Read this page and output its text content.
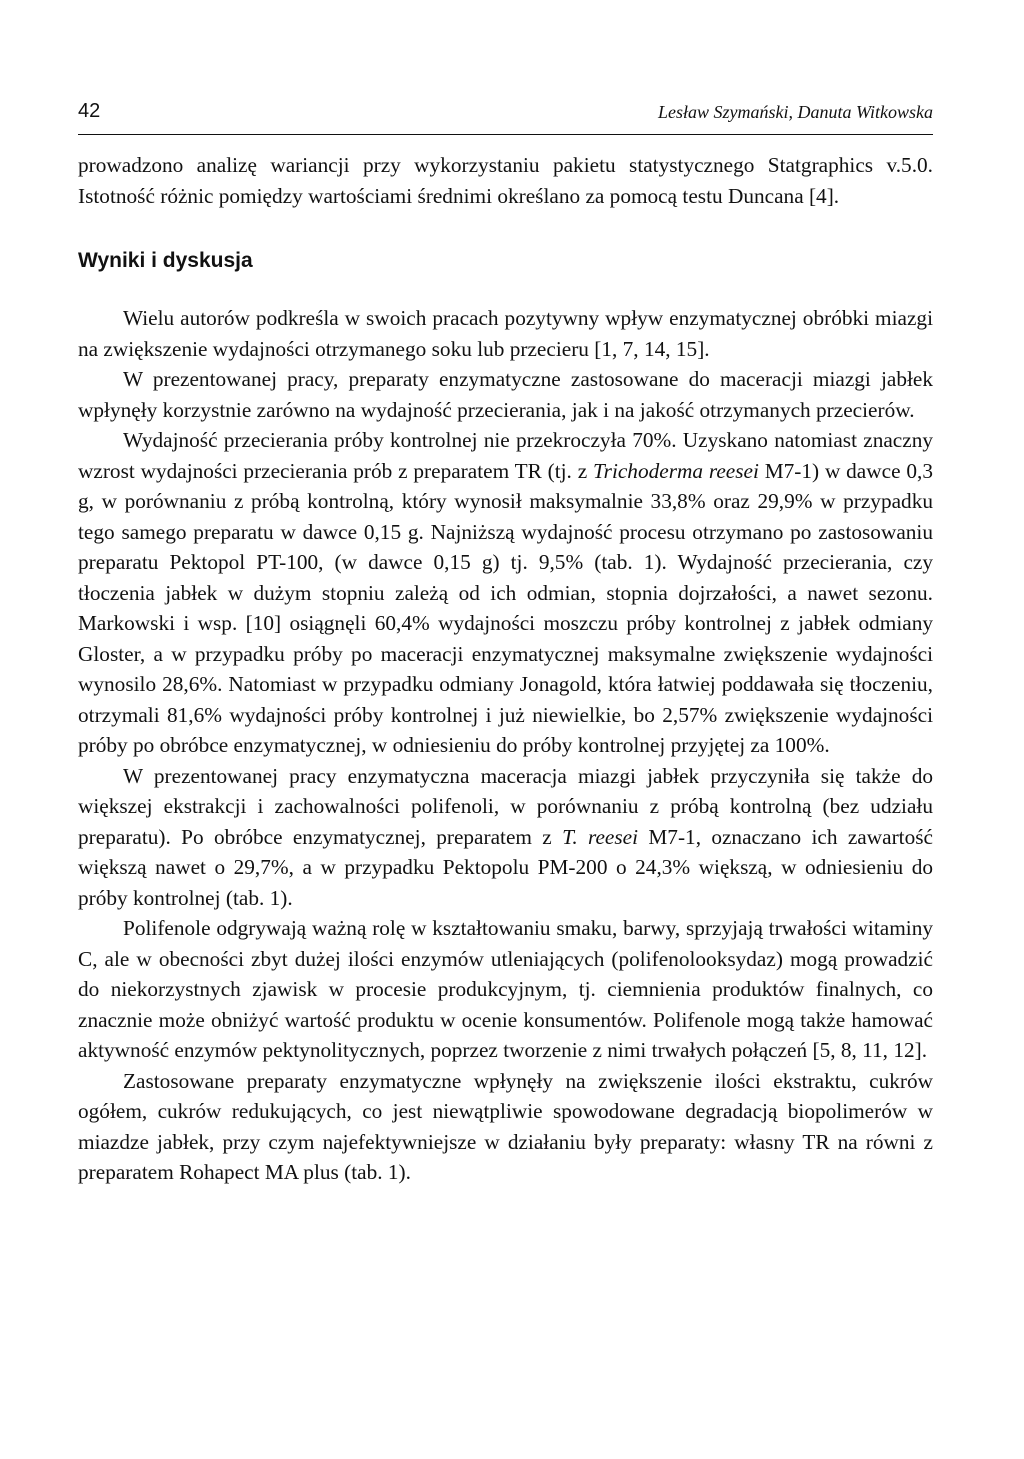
42	Lesław Szymański, Danuta Witkowska

prowadzono analizę wariancji przy wykorzystaniu pakietu statystycznego Statgraphics v.5.0. Istotność różnic pomiędzy wartościami średnimi określano za pomocą testu Duncana [4].

Wyniki i dyskusja

Wielu autorów podkreśla w swoich pracach pozytywny wpływ enzymatycznej obróbki miazgi na zwiększenie wydajności otrzymanego soku lub przecieru [1, 7, 14, 15].

W prezentowanej pracy, preparaty enzymatyczne zastosowane do maceracji miazgi jabłek wpłynęły korzystnie zarówno na wydajność przecierania, jak i na jakość otrzymanych przecierów.

Wydajność przecierania próby kontrolnej nie przekroczyła 70%. Uzyskano natomiast znaczny wzrost wydajności przecierania prób z preparatem TR (tj. z Trichoderma reesei M7-1) w dawce 0,3 g, w porównaniu z próbą kontrolną, który wynosił maksymalnie 33,8% oraz 29,9% w przypadku tego samego preparatu w dawce 0,15 g. Najniższą wydajność procesu otrzymano po zastosowaniu preparatu Pektopol PT-100, (w dawce 0,15 g) tj. 9,5% (tab. 1). Wydajność przecierania, czy tłoczenia jabłek w dużym stopniu zależą od ich odmian, stopnia dojrzałości, a nawet sezonu. Markowski i wsp. [10] osiągnęli 60,4% wydajności moszczu próby kontrolnej z jabłek odmiany Gloster, a w przypadku próby po maceracji enzymatycznej maksymalne zwiększenie wydajności wynosilo 28,6%. Natomiast w przypadku odmiany Jonagold, która łatwiej poddawała się tłoczeniu, otrzymali 81,6% wydajności próby kontrolnej i już niewielkie, bo 2,57% zwiększenie wydajności próby po obróbce enzymatycznej, w odniesieniu do próby kontrolnej przyjętej za 100%.

W prezentowanej pracy enzymatyczna maceracja miazgi jabłek przyczyniła się także do większej ekstrakcji i zachowalności polifenoli, w porównaniu z próbą kontrolną (bez udziału preparatu). Po obróbce enzymatycznej, preparatem z T. reesei M7-1, oznaczano ich zawartość większą nawet o 29,7%, a w przypadku Pektopolu PM-200 o 24,3% większą, w odniesieniu do próby kontrolnej (tab. 1).

Polifenole odgrywają ważną rolę w kształtowaniu smaku, barwy, sprzyjają trwałości witaminy C, ale w obecności zbyt dużej ilości enzymów utleniających (polifenolooksydaz) mogą prowadzić do niekorzystnych zjawisk w procesie produkcyjnym, tj. ciemnienia produktów finalnych, co znacznie może obniżyć wartość produktu w ocenie konsumentów. Polifenole mogą także hamować aktywność enzymów pektynolitycznych, poprzez tworzenie z nimi trwałych połączeń [5, 8, 11, 12].

Zastosowane preparaty enzymatyczne wpłynęły na zwiększenie ilości ekstraktu, cukrów ogółem, cukrów redukujących, co jest niewątpliwie spowodowane degradacją biopolimerów w miazdze jabłek, przy czym najefektywniejsze w działaniu były preparaty: własny TR na równi z preparatem Rohapect MA plus (tab. 1).
